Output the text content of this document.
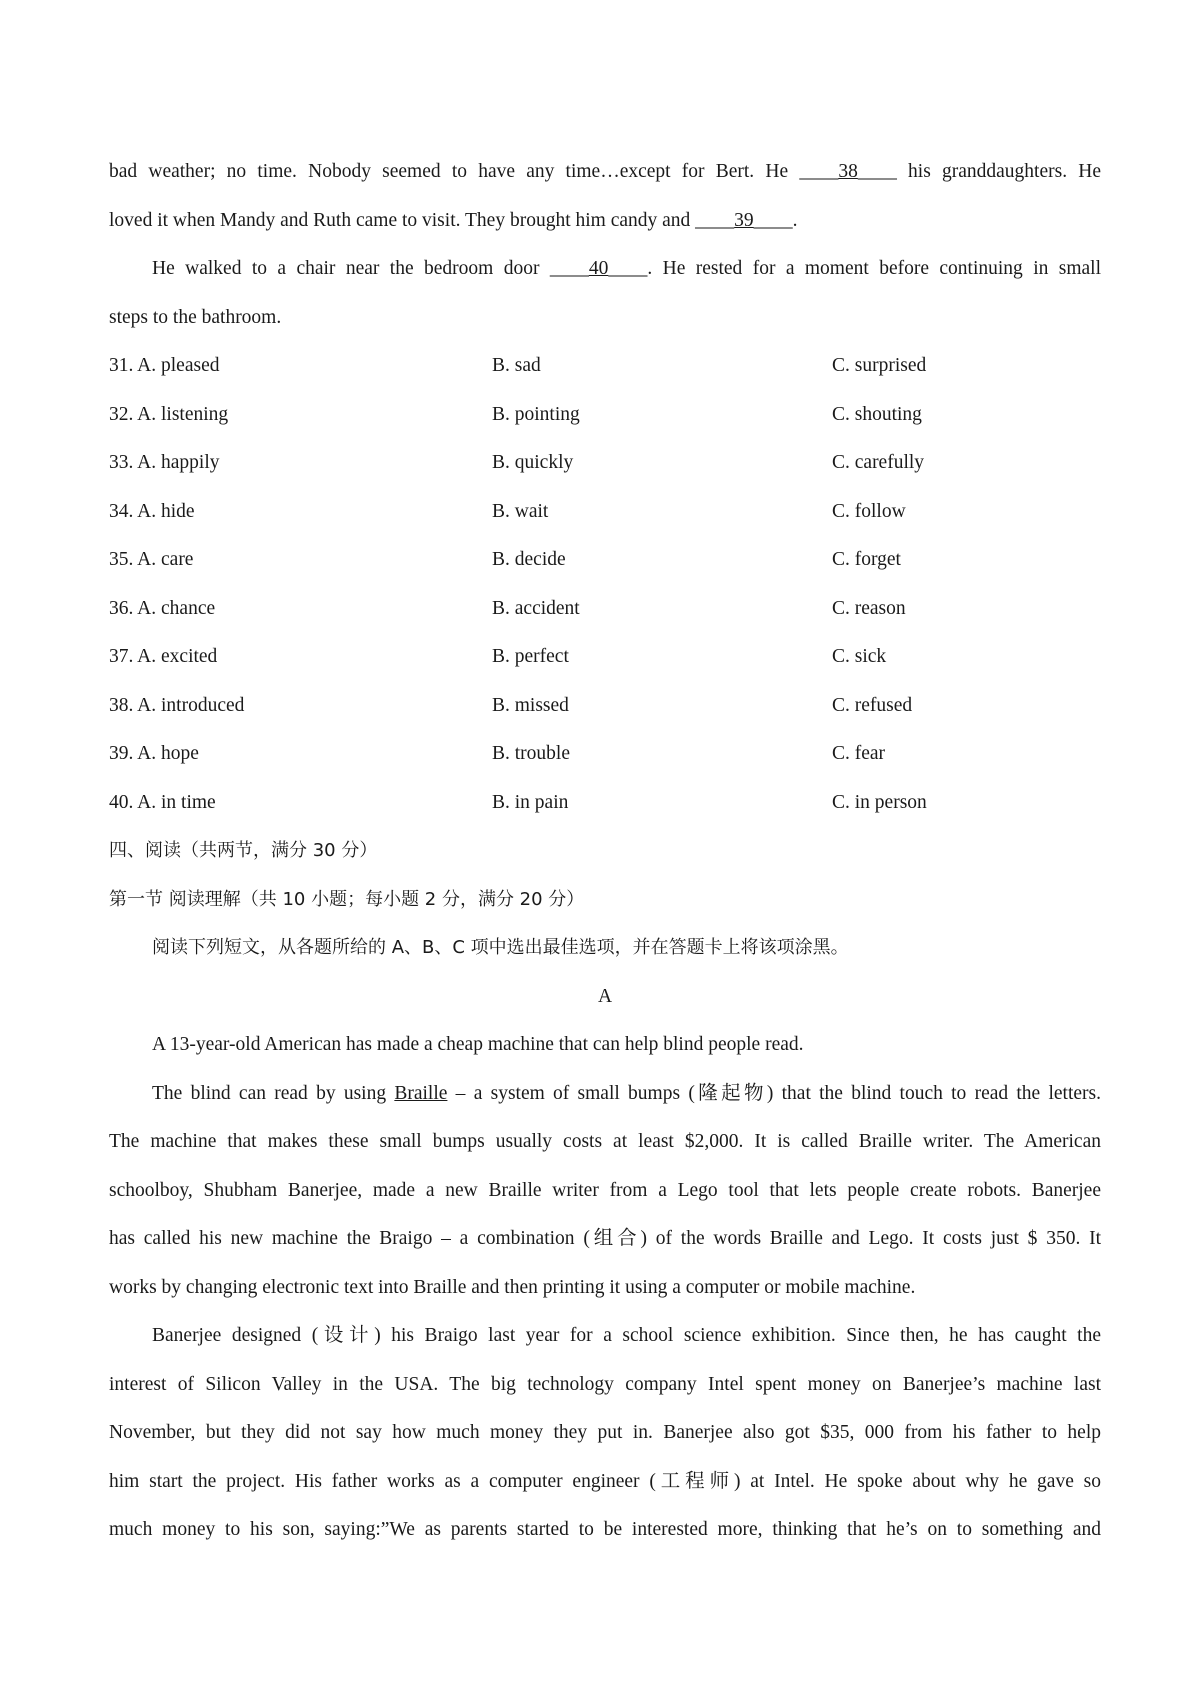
bad weather; no time. Nobody seemed to have any time…except for Bert. He ____38____ his granddaughters. He
loved it when Mandy and Ruth came to visit. They brought him candy and ____39____.
He walked to a chair near the bedroom door ____40____. He rested for a moment before continuing in small
steps to the bathroom.
31. A. pleased	B. sad	C. surprised
32. A. listening	B. pointing	C. shouting
33. A. happily	B. quickly	C. carefully
34. A. hide	B. wait	C. follow
35. A. care	B. decide	C. forget
36. A. chance	B. accident	C. reason
37. A. excited	B. perfect	C. sick
38. A. introduced	B. missed	C. refused
39. A. hope	B. trouble	C. fear
40. A. in time	B. in pain	C. in person
四、阅读（共两节，满分 30 分）
第一节 阅读理解（共 10 小题；每小题 2 分，满分 20 分）
阅读下列短文，从各题所给的 A、B、C 项中选出最佳选项，并在答题卡上将该项涂黑。
A
A 13-year-old American has made a cheap machine that can help blind people read.
The blind can read by using Braille – a system of small bumps (隆起物) that the blind touch to read the letters.
The machine that makes these small bumps usually costs at least $2,000. It is called Braille writer. The American
schoolboy, Shubham Banerjee, made a new Braille writer from a Lego tool that lets people create robots. Banerjee
has called his new machine the Braigo – a combination (组合) of the words Braille and Lego. It costs just $ 350. It
works by changing electronic text into Braille and then printing it using a computer or mobile machine.
Banerjee designed (设计) his Braigo last year for a school science exhibition. Since then, he has caught the
interest of Silicon Valley in the USA. The big technology company Intel spent money on Banerjee’s machine last
November, but they did not say how much money they put in. Banerjee also got $35, 000 from his father to help
him start the project. His father works as a computer engineer (工程师) at Intel. He spoke about why he gave so
much money to his son, saying:”We as parents started to be interested more, thinking that he’s on to something and
